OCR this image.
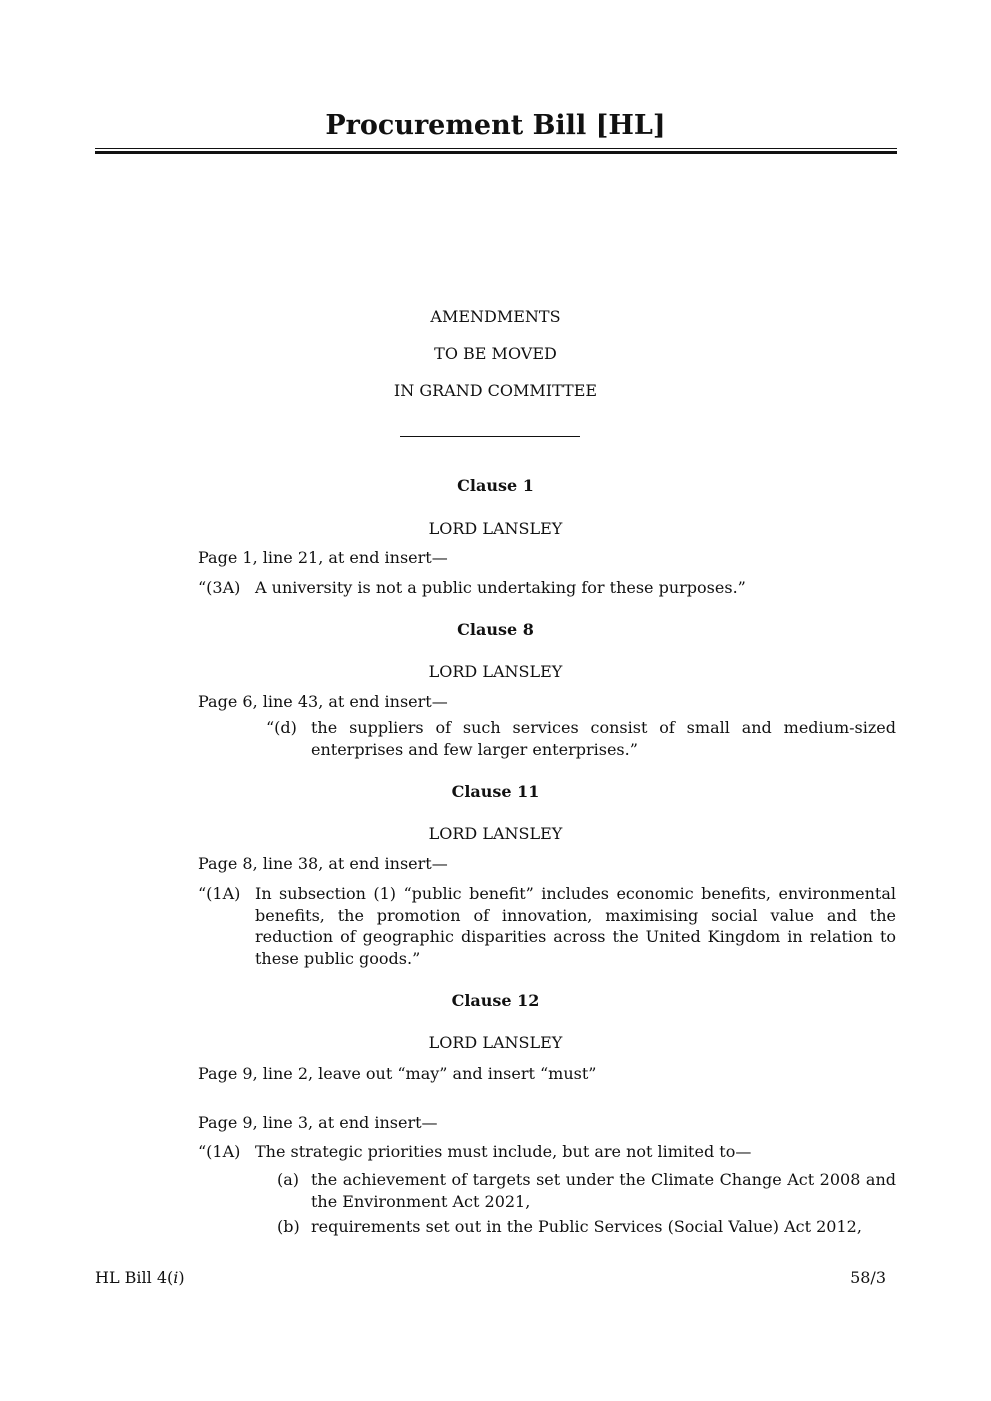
Procurement Bill [HL]
AMENDMENTS
TO BE MOVED
IN GRAND COMMITTEE
Clause 1
LORD LANSLEY
Page 1, line 21, at end insert—
“(3A) A university is not a public undertaking for these purposes.”
Clause 8
LORD LANSLEY
Page 6, line 43, at end insert—
“(d) the suppliers of such services consist of small and medium-sized enterprises and few larger enterprises.”
Clause 11
LORD LANSLEY
Page 8, line 38, at end insert—
“(1A) In subsection (1) “public benefit” includes economic benefits, environmental benefits, the promotion of innovation, maximising social value and the reduction of geographic disparities across the United Kingdom in relation to these public goods.”
Clause 12
LORD LANSLEY
Page 9, line 2, leave out “may” and insert “must”
Page 9, line 3, at end insert—
“(1A) The strategic priorities must include, but are not limited to—
(a) the achievement of targets set under the Climate Change Act 2008 and the Environment Act 2021,
(b) requirements set out in the Public Services (Social Value) Act 2012,
HL Bill 4(i)	58/3
